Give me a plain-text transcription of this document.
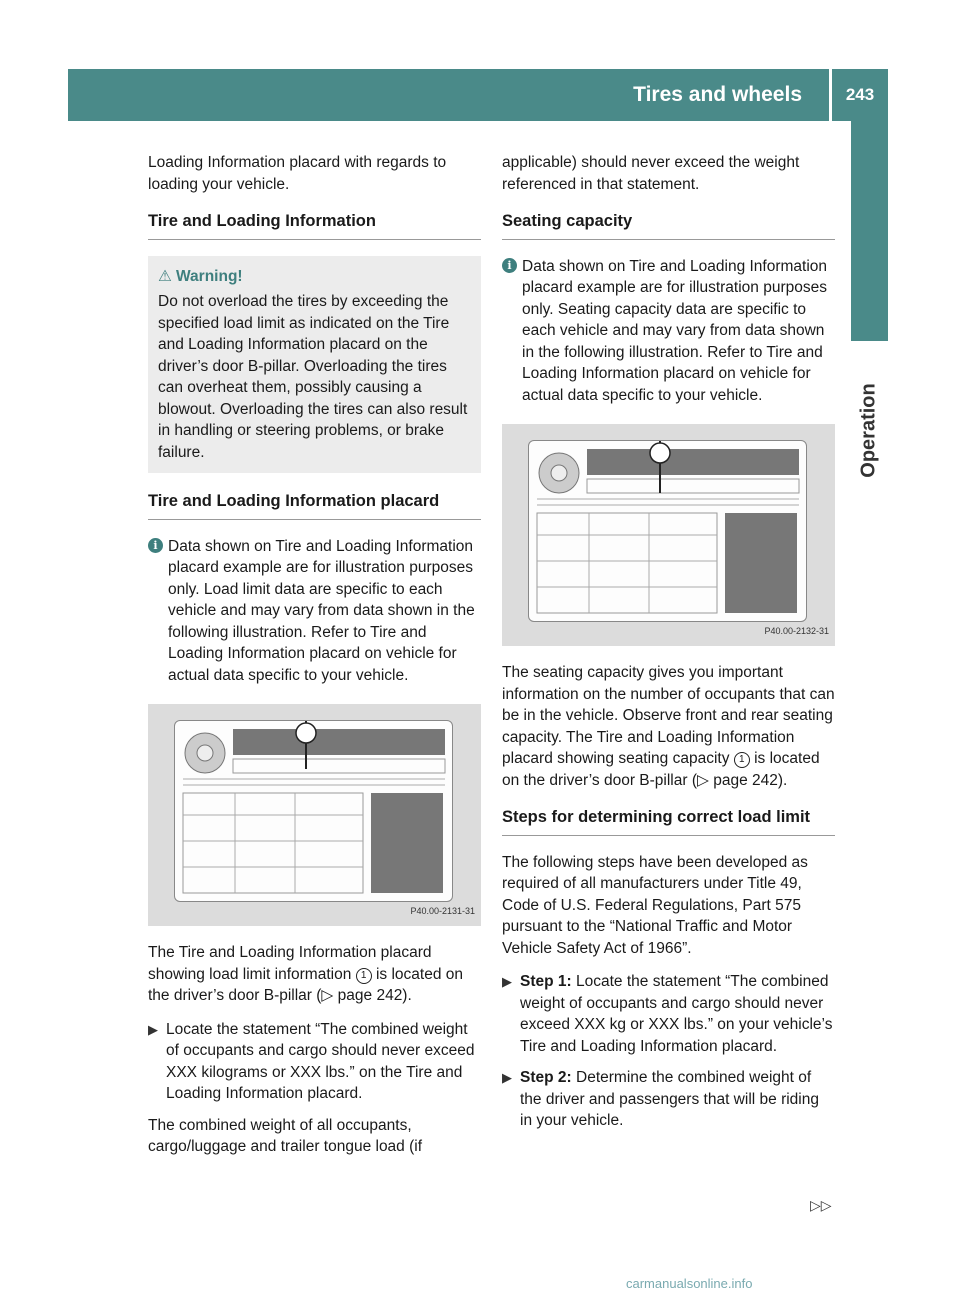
Tires and wheels	243
Operation

Loading Information placard with regards to loading your vehicle.

Tire and Loading Information
⚠ Warning!
Do not overload the tires by exceeding the specified load limit as indicated on the Tire and Loading Information placard on the driver’s door B-pillar. Overloading the tires can overheat them, possibly causing a blowout. Overloading the tires can also result in handling or steering problems, or brake failure.
Tire and Loading Information placard
i Data shown on Tire and Loading Information placard example are for illustration purposes only. Load limit data are specific to each vehicle and may vary from data shown in the following illustration. Refer to Tire and Loading Information placard on vehicle for actual data specific to your vehicle.
P40.00-2131-31

The Tire and Loading Information placard showing load limit information 1 is located on the driver’s door B-pillar (▷ page 242).

▶ Locate the statement “The combined weight of occupants and cargo should never exceed XXX kilograms or XXX lbs.” on the Tire and Loading Information placard.

The combined weight of all occupants, cargo/luggage and trailer tongue load (if

applicable) should never exceed the weight referenced in that statement.

Seating capacity
i Data shown on Tire and Loading Information placard example are for illustration purposes only. Seating capacity data are specific to each vehicle and may vary from data shown in the following illustration. Refer to Tire and Loading Information placard on vehicle for actual data specific to your vehicle.
P40.00-2132-31

The seating capacity gives you important information on the number of occupants that can be in the vehicle. Observe front and rear seating capacity. The Tire and Loading Information placard showing seating capacity 1 is located on the driver’s door B-pillar (▷ page 242).

Steps for determining correct load limit

The following steps have been developed as required of all manufacturers under Title 49, Code of U.S. Federal Regulations, Part 575 pursuant to the “National Traffic and Motor Vehicle Safety Act of 1966”.

▶ Step 1: Locate the statement “The combined weight of occupants and cargo should never exceed XXX kg or XXX lbs.” on your vehicle’s Tire and Loading Information placard.
▶ Step 2: Determine the combined weight of the driver and passengers that will be riding in your vehicle.
▷▷
carmanualsonline.info
